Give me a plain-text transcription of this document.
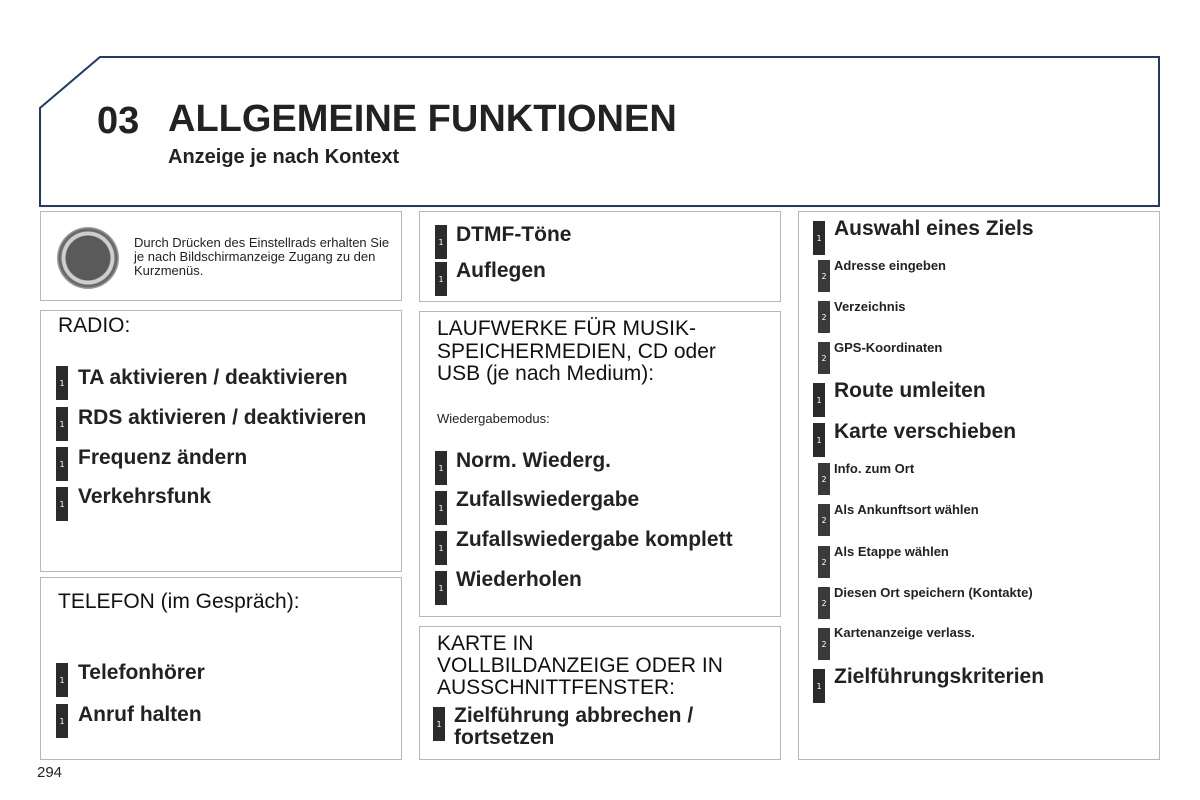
03 ALLGEMEINE FUNKTIONEN
Anzeige je nach Kontext
Durch Drücken des Einstellrads erhalten Sie je nach Bildschirmanzeige Zugang zu den Kurzmenüs.
RADIO:
1 TA aktivieren / deaktivieren
1 RDS aktivieren / deaktivieren
1 Frequenz ändern
1 Verkehrsfunk
TELEFON (im Gespräch):
1 Telefonhörer
1 Anruf halten
1 DTMF-Töne
1 Auflegen
LAUFWERKE FÜR MUSIK-
SPEICHERMEDIEN, CD oder
USB (je nach Medium):
Wiedergabemodus:
1 Norm. Wiederg.
1 Zufallswiedergabe
1 Zufallswiedergabe komplett
1 Wiederholen
KARTE IN
VOLLBILDANZEIGE ODER IN
AUSSCHNITTFENSTER:
1 Zielführung abbrechen /
fortsetzen
1 Auswahl eines Ziels
2
Adresse eingeben
2
Verzeichnis
2
GPS-Koordinaten
1 Route umleiten
1 Karte verschieben
2
Info. zum Ort
2
Als Ankunftsort wählen
2
Als Etappe wählen
2
Diesen Ort speichern (Kontakte)
2
Kartenanzeige verlass.
1 Zielführungskriterien
294
